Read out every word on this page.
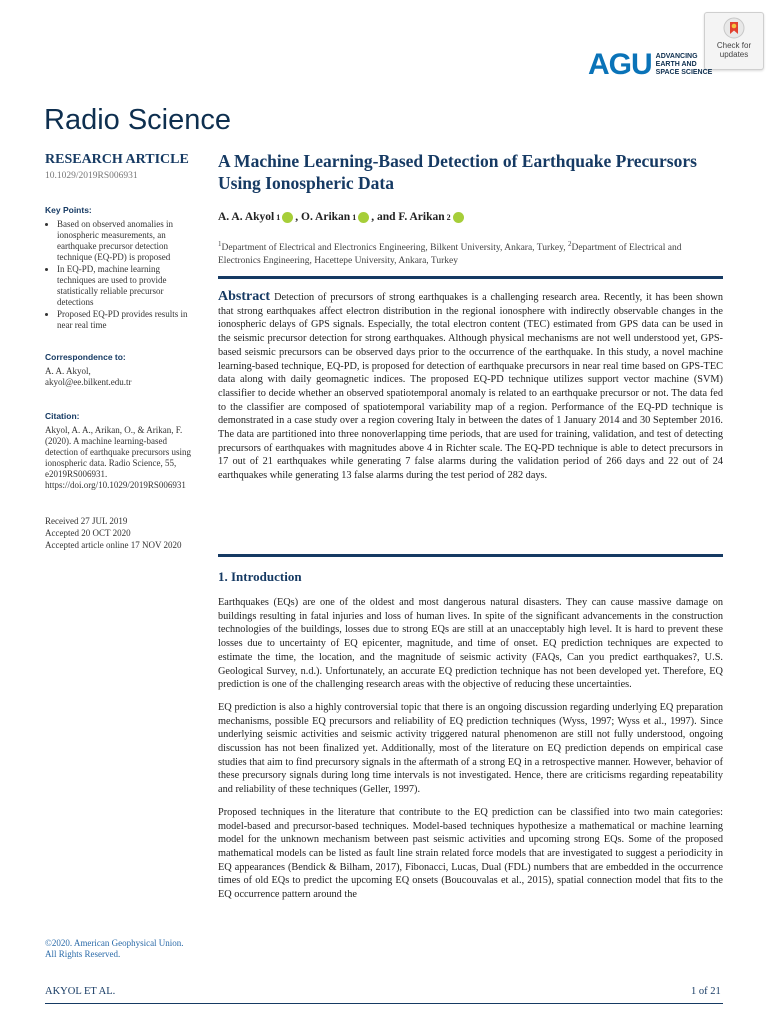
Check for
updates
AGU ADVANCING
EARTH AND
SPACE SCIENCE
Radio Science
RESEARCH ARTICLE
10.1029/2019RS006931
Key Points:
• Based on observed anomalies in ionospheric measurements, an earthquake precursor detection technique (EQ-PD) is proposed
• In EQ-PD, machine learning techniques are used to provide statistically reliable precursor detections
• Proposed EQ-PD provides results in near real time
Correspondence to:
A. A. Akyol,
akyol@ee.bilkent.edu.tr
Citation:
Akyol, A. A., Arikan, O., & Arikan, F. (2020). A machine learning-based detection of earthquake precursors using ionospheric data. Radio Science, 55, e2019RS006931. https://doi.org/10.1029/2019RS006931
Received 27 JUL 2019
Accepted 20 OCT 2020
Accepted article online 17 NOV 2020
©2020. American Geophysical Union.
All Rights Reserved.
A Machine Learning-Based Detection of Earthquake Precursors Using Ionospheric Data
A. A. Akyol 1 , O. Arikan 1 , and F. Arikan 2
$^1$Department of Electrical and Electronics Engineering, Bilkent University, Ankara, Turkey, $^2$Department of Electrical and Electronics Engineering, Hacettepe University, Ankara, Turkey
Abstract Detection of precursors of strong earthquakes is a challenging research area. Recently, it has been shown that strong earthquakes affect electron distribution in the regional ionosphere with indirectly observable changes in the ionospheric delays of GPS signals. Especially, the total electron content (TEC) estimated from GPS data can be used in the seismic precursor detection for strong earthquakes. Although physical mechanisms are not well understood yet, GPS-based seismic precursors can be observed days prior to the occurrence of the earthquake. In this study, a novel machine learning-based technique, EQ-PD, is proposed for detection of earthquake precursors in near real time based on GPS-TEC data along with daily geomagnetic indices. The proposed EQ-PD technique utilizes support vector machine (SVM) classifier to decide whether an observed spatiotemporal anomaly is related to an earthquake precursor or not. The data fed to the classifier are composed of spatiotemporal variability map of a region. Performance of the EQ-PD technique is demonstrated in a case study over a region covering Italy in between the dates of 1 January 2014 and 30 September 2016. The data are partitioned into three nonoverlapping time periods, that are used for training, validation, and test of detecting precursors of earthquakes with magnitudes above 4 in Richter scale. The EQ-PD technique is able to detect precursors in 17 out of 21 earthquakes while generating 7 false alarms during the validation period of 266 days and 22 out of 24 earthquakes while generating 13 false alarms during the test period of 282 days.
1. Introduction

Earthquakes (EQs) are one of the oldest and most dangerous natural disasters. They can cause massive damage on buildings resulting in fatal injuries and loss of human lives. In spite of the significant advancements in the construction technologies of the buildings, losses due to strong EQs are still at an unacceptably high level. It is hard to prevent these losses due to uncertainty of EQ epicenter, magnitude, and time of onset. EQ prediction techniques are expected to estimate the time, the location, and the magnitude of seismic activity (FAQs, Can you predict earthquakes?, U.S. Geological Survey, n.d.). Unfortunately, an accurate EQ prediction technique has not been developed yet. Therefore, EQ prediction is one of the challenging research areas with the objective of reducing these uncertainties.

EQ prediction is also a highly controversial topic that there is an ongoing discussion regarding underlying EQ preparation mechanisms, possible EQ precursors and reliability of EQ prediction techniques (Wyss, 1997; Wyss et al., 1997). Since underlying seismic activities and seismic activity triggered natural phenomenon are still not fully understood, ongoing discussion has not been finalized yet. Additionally, most of the literature on EQ prediction depends on empirical case studies that aim to find precursory signals in the aftermath of a strong EQ in a retrospective manner. However, behavior of these precursory signals during long time intervals is not investigated. Hence, there are criticisms regarding repeatability and reliability of these techniques (Geller, 1997).

Proposed techniques in the literature that contribute to the EQ prediction can be classified into two main categories: model-based and precursor-based techniques. Model-based techniques hypothesize a mathematical or machine learning model for the unknown mechanism between past seismic activities and upcoming strong EQs. Some of the proposed mathematical models can be listed as fault line strain related force models that are investigated to suggest a periodicity in EQ appearances (Bendick & Bilham, 2017), Fibonacci, Lucas, Dual (FDL) numbers that are embedded in the occurrence times of old EQs to predict the upcoming EQ onsets (Boucouvalas et al., 2015), spatial connection model that fits to the EQ occurrence pattern around the

AKYOL ET AL.	1 of 21
